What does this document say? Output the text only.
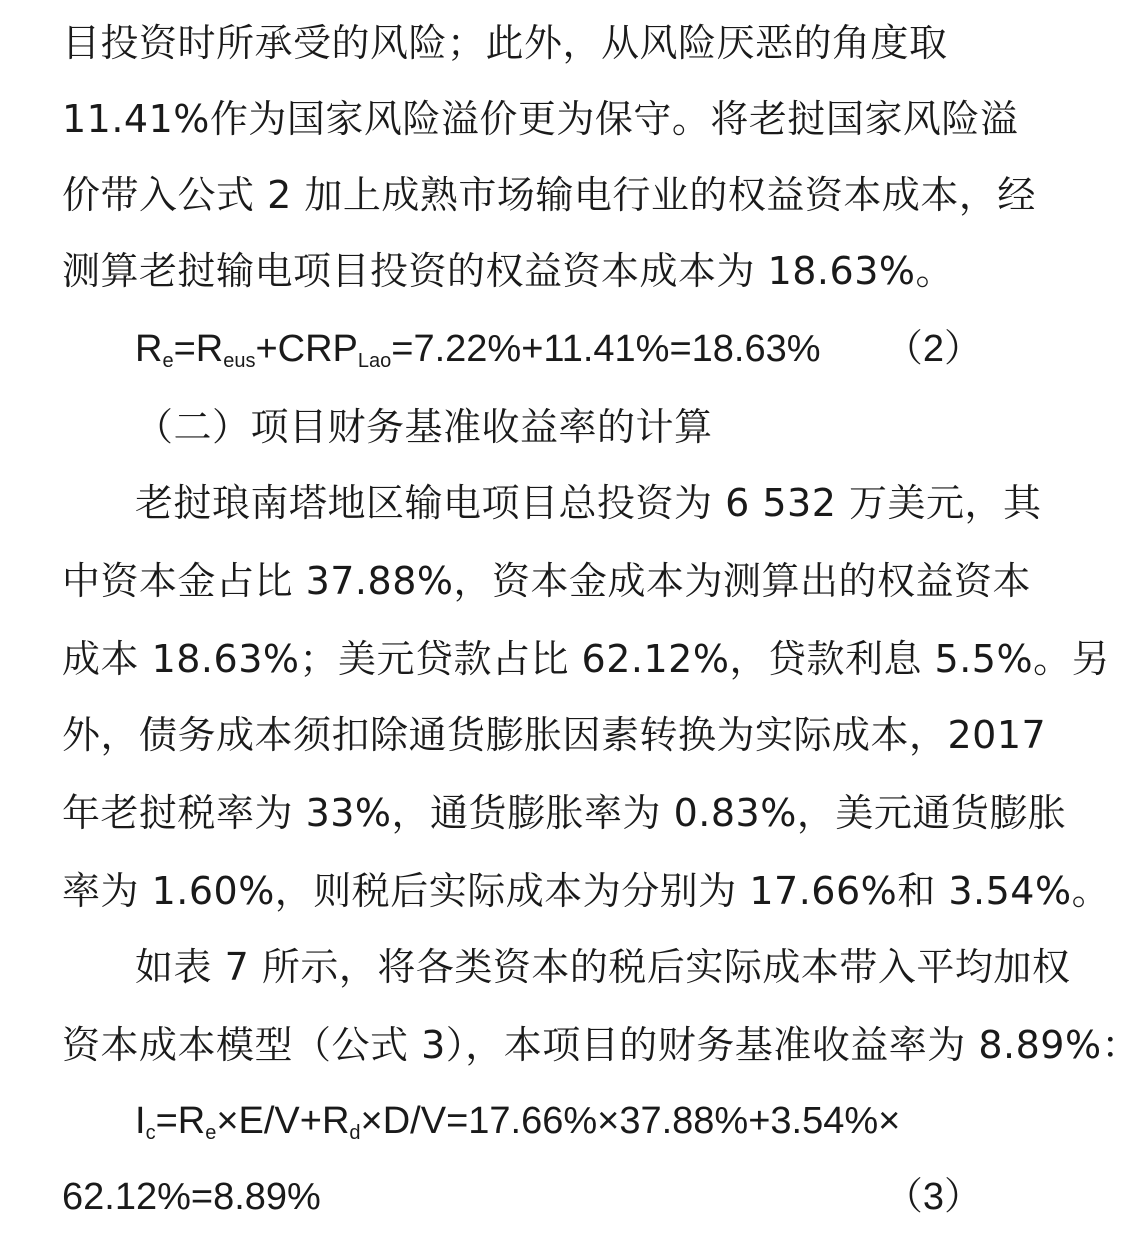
目投资时所承受的风险；此外，从风险厌恶的角度取
11.41%作为国家风险溢价更为保守。将老挝国家风险溢
价带入公式 2 加上成熟市场输电行业的权益资本成本，经
测算老挝输电项目投资的权益资本成本为 18.63%。
$R_e=R_{eus}+CRP_{Lao}=7.22\%+11.41\%=18.63\%$ （2）
（二）项目财务基准收益率的计算
老挝琅南塔地区输电项目总投资为 6 532 万美元，其
中资本金占比 37.88%，资本金成本为测算出的权益资本
成本 18.63%；美元贷款占比 62.12%，贷款利息 5.5%。另
外，债务成本须扣除通货膨胀因素转换为实际成本，2017
年老挝税率为 33%，通货膨胀率为 0.83%，美元通货膨胀
率为 1.60%，则税后实际成本为分别为 17.66%和 3.54%。
如表 7 所示，将各类资本的税后实际成本带入平均加权
资本成本模型（公式 3），本项目的财务基准收益率为 8.89%：
$I_c=R_e\times E/V+R_d\times D/V=17.66\%\times 37.88\%+3.54\%\times$
62.12%=8.89%	（3）
